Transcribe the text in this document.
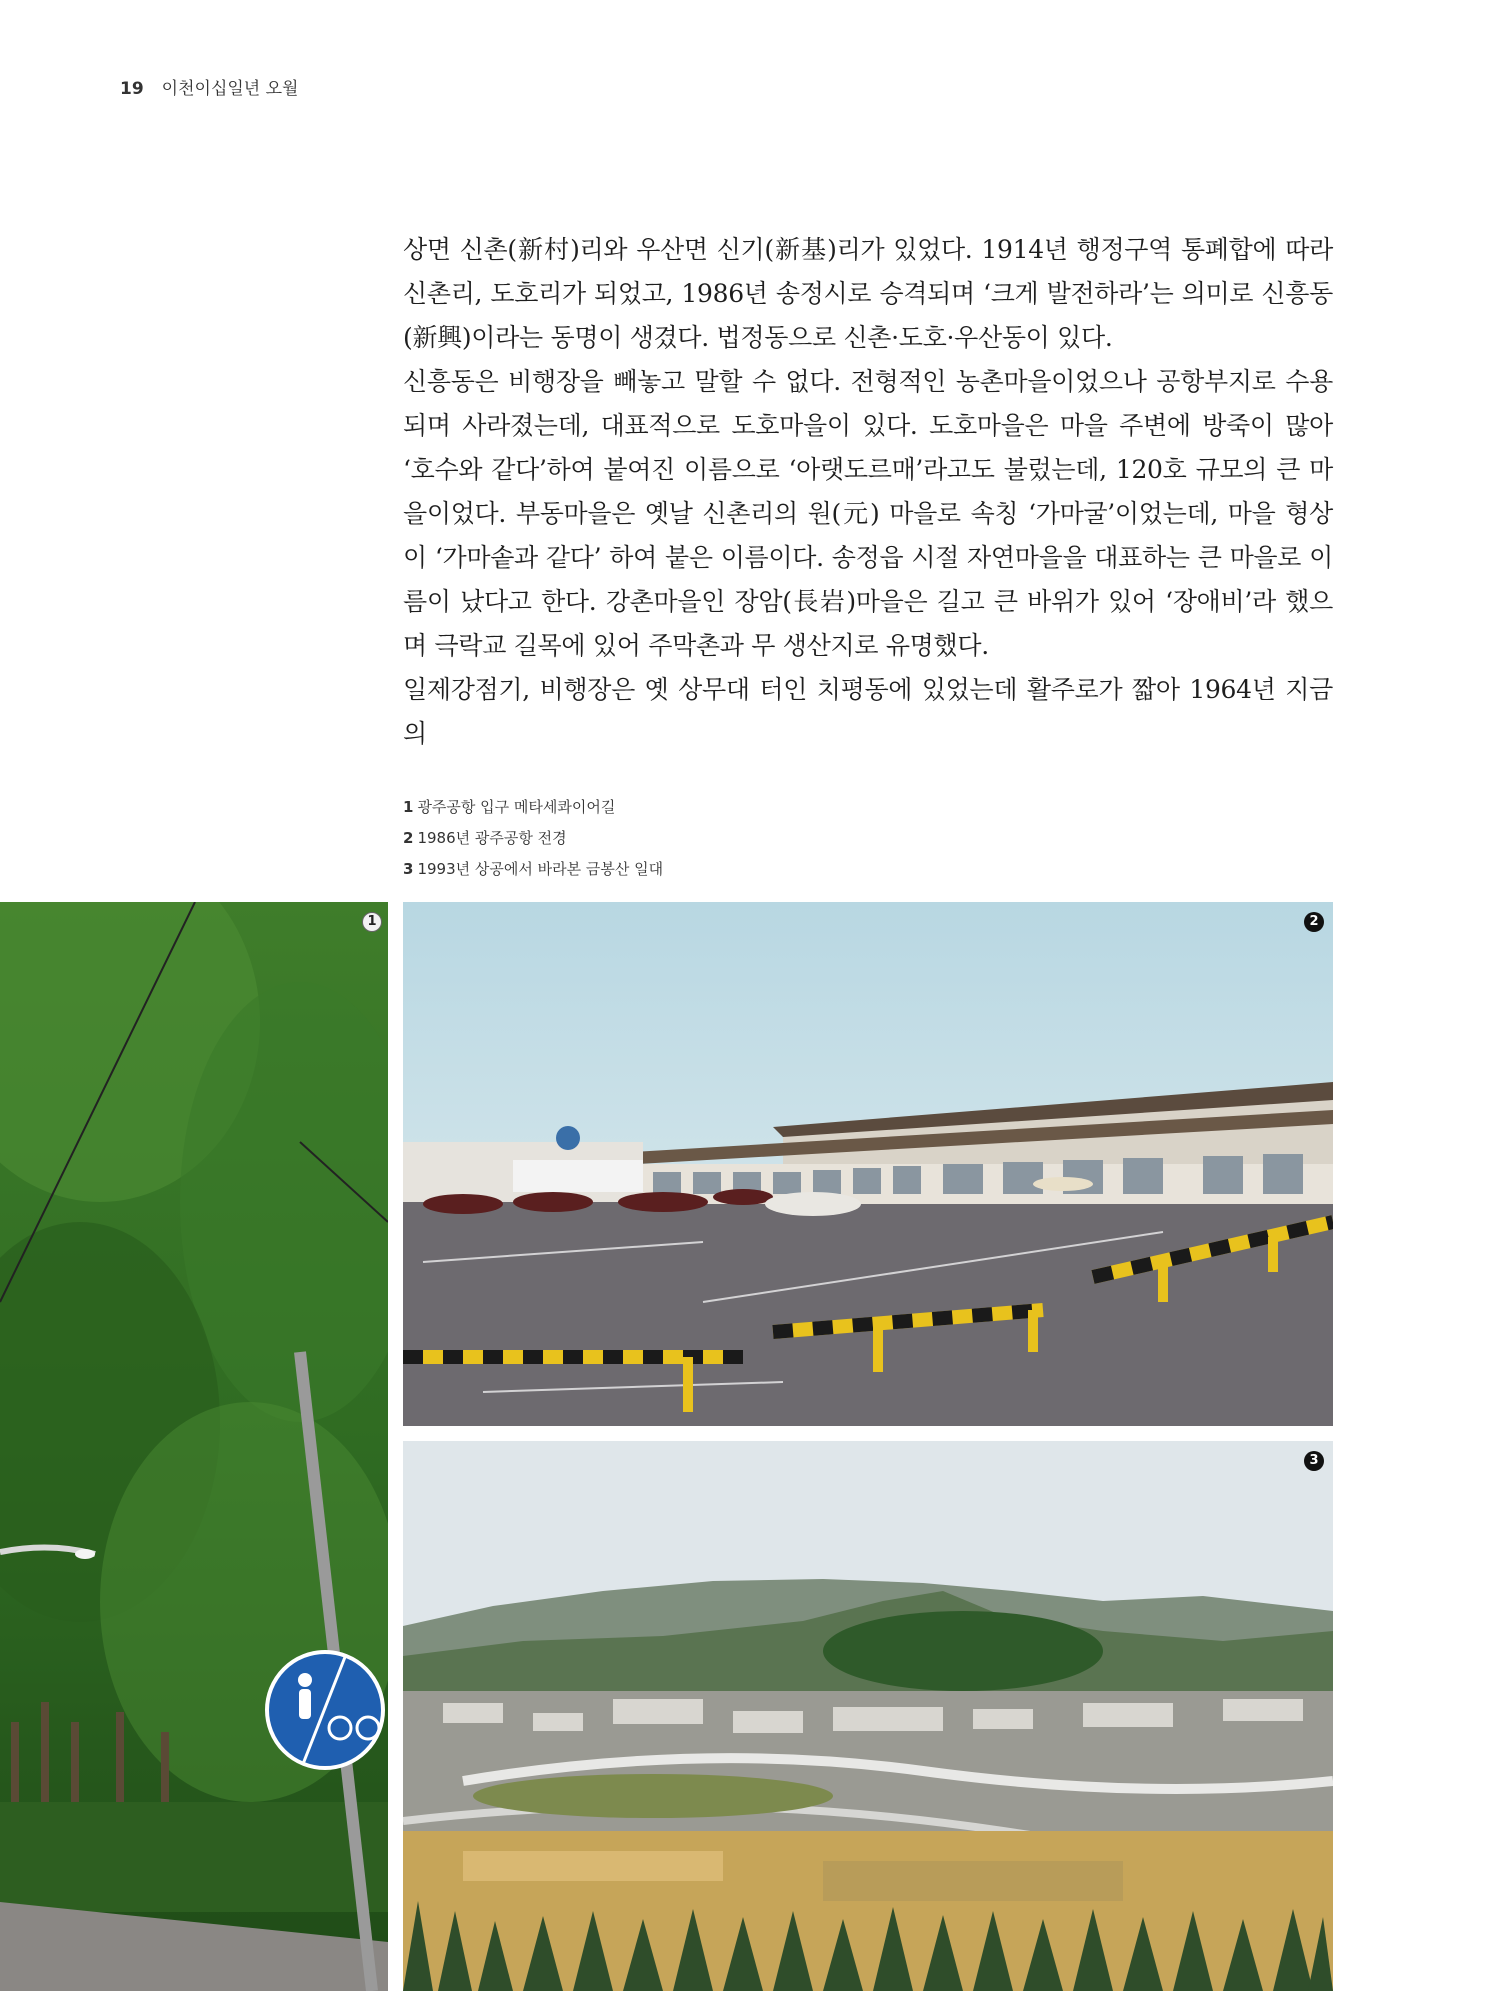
19 이천이십일년 오월

상면 신촌(新村)리와 우산면 신기(新基)리가 있었다. 1914년 행정구역 통폐합에 따라 신촌리, 도호리가 되었고, 1986년 송정시로 승격되며 ‘크게 발전하라’는 의미로 신흥동(新興)이라는 동명이 생겼다. 법정동으로 신촌·도호·우산동이 있다.

신흥동은 비행장을 빼놓고 말할 수 없다. 전형적인 농촌마을이었으나 공항부지로 수용되며 사라졌는데, 대표적으로 도호마을이 있다. 도호마을은 마을 주변에 방죽이 많아 ‘호수와 같다’하여 붙여진 이름으로 ‘아랫도르매’라고도 불렀는데, 120호 규모의 큰 마을이었다. 부동마을은 옛날 신촌리의 원(元) 마을로 속칭 ‘가마굴’이었는데, 마을 형상이 ‘가마솥과 같다’ 하여 붙은 이름이다. 송정읍 시절 자연마을을 대표하는 큰 마을로 이름이 났다고 한다. 강촌마을인 장암(長岩)마을은 길고 큰 바위가 있어 ‘장애비’라 했으며 극락교 길목에 있어 주막촌과 무 생산지로 유명했다.

일제강점기, 비행장은 옛 상무대 터인 치평동에 있었는데 활주로가 짧아 1964년 지금의

1 광주공항 입구 메타세콰이어길
2 1986년 광주공항 전경
3 1993년 상공에서 바라본 금봉산 일대
1	2
3
